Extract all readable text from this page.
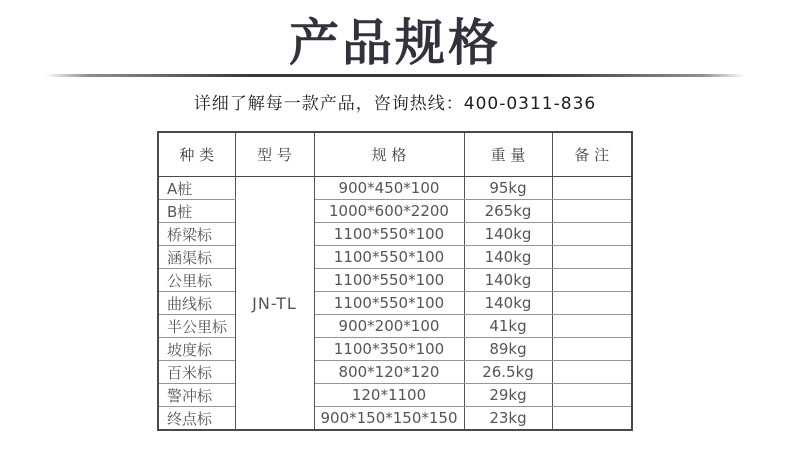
产品规格
详细了解每一款产品，咨询热线：400-0311-836
种 类	型 号	规 格	重 量	备 注
A桩	JN-TL	900*450*100	95kg	
B桩		1000*600*2200	265kg	
桥梁标		1100*550*100	140kg	
涵渠标		1100*550*100	140kg	
公里标		1100*550*100	140kg	
曲线标		1100*550*100	140kg	
半公里标		900*200*100	41kg	
坡度标		1100*350*100	89kg	
百米标		800*120*120	26.5kg	
警冲标		120*1100	29kg	
终点标		900*150*150*150	23kg	
